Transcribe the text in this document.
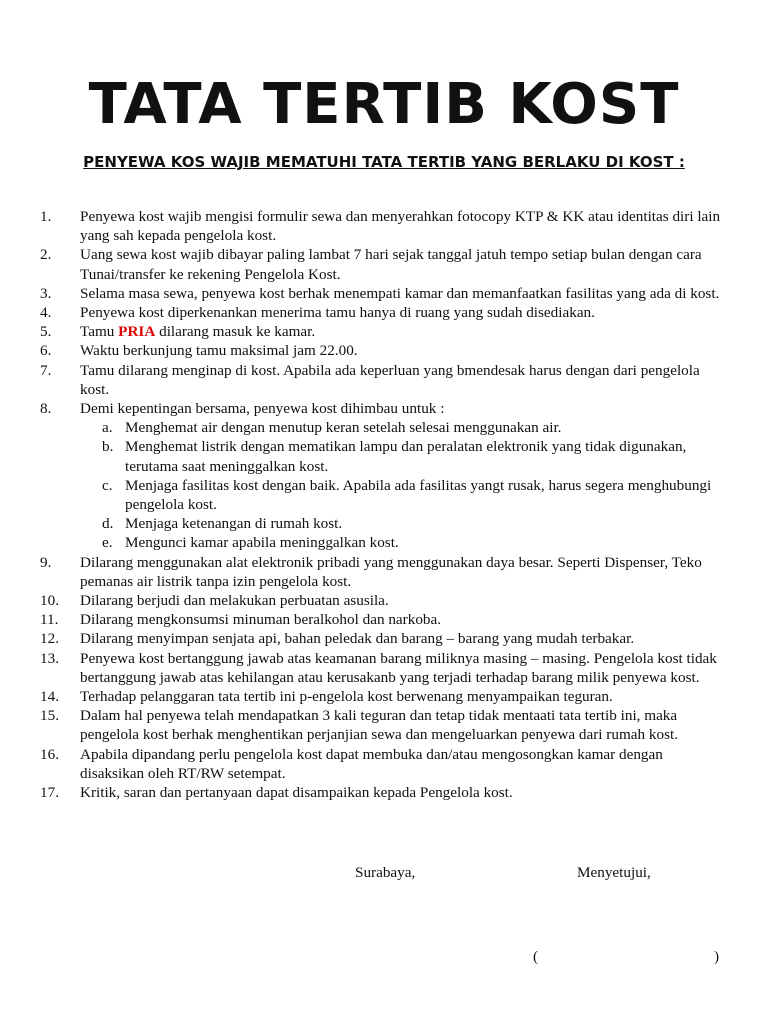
TATA TERTIB KOST
PENYEWA KOS WAJIB MEMATUHI TATA TERTIB YANG BERLAKU DI KOST :
1.	Penyewa kost wajib mengisi formulir sewa dan menyerahkan fotocopy KTP & KK atau identitas diri lain yang sah kepada pengelola kost.
2.	Uang sewa kost wajib dibayar paling lambat 7 hari sejak tanggal jatuh tempo setiap bulan dengan cara Tunai/transfer ke rekening Pengelola Kost.
3.	Selama masa sewa, penyewa kost berhak menempati kamar dan memanfaatkan fasilitas yang ada di kost.
4.	Penyewa kost diperkenankan menerima tamu hanya di ruang yang sudah disediakan.
5.	Tamu PRIA dilarang masuk ke kamar.
6.	Waktu berkunjung tamu maksimal jam 22.00.
7.	Tamu dilarang menginap di kost. Apabila ada keperluan yang bmendesak harus dengan dari pengelola kost.
8.	Demi kepentingan bersama, penyewa kost dihimbau untuk :
a. Menghemat air dengan menutup keran setelah selesai menggunakan air.
b. Menghemat listrik dengan mematikan lampu dan peralatan elektronik yang tidak digunakan, terutama saat meninggalkan kost.
c. Menjaga fasilitas kost dengan baik. Apabila ada fasilitas yangt rusak, harus segera menghubungi pengelola kost.
d. Menjaga ketenangan di rumah kost.
e. Mengunci kamar apabila meninggalkan kost.
9.	Dilarang menggunakan alat elektronik pribadi yang menggunakan daya besar. Seperti Dispenser, Teko pemanas air listrik tanpa izin pengelola kost.
10.	Dilarang berjudi dan melakukan perbuatan asusila.
11.	Dilarang mengkonsumsi minuman beralkohol dan narkoba.
12.	Dilarang menyimpan senjata api, bahan peledak dan barang – barang yang mudah terbakar.
13.	Penyewa kost bertanggung jawab atas keamanan barang miliknya masing – masing. Pengelola kost tidak bertanggung jawab atas kehilangan atau kerusakanb yang terjadi terhadap barang milik penyewa kost.
14.	Terhadap pelanggaran tata tertib ini p-engelola kost berwenang menyampaikan teguran.
15.	Dalam hal penyewa telah mendapatkan 3 kali teguran dan tetap tidak mentaati tata tertib ini, maka pengelola kost berhak menghentikan perjanjian sewa dan mengeluarkan penyewa dari rumah kost.
16.	Apabila dipandang perlu pengelola kost dapat membuka dan/atau mengosongkan kamar dengan disaksikan oleh RT/RW setempat.
17.	Kritik, saran dan pertanyaan dapat disampaikan kepada Pengelola kost.
Surabaya,	Menyetujui,
(	)
